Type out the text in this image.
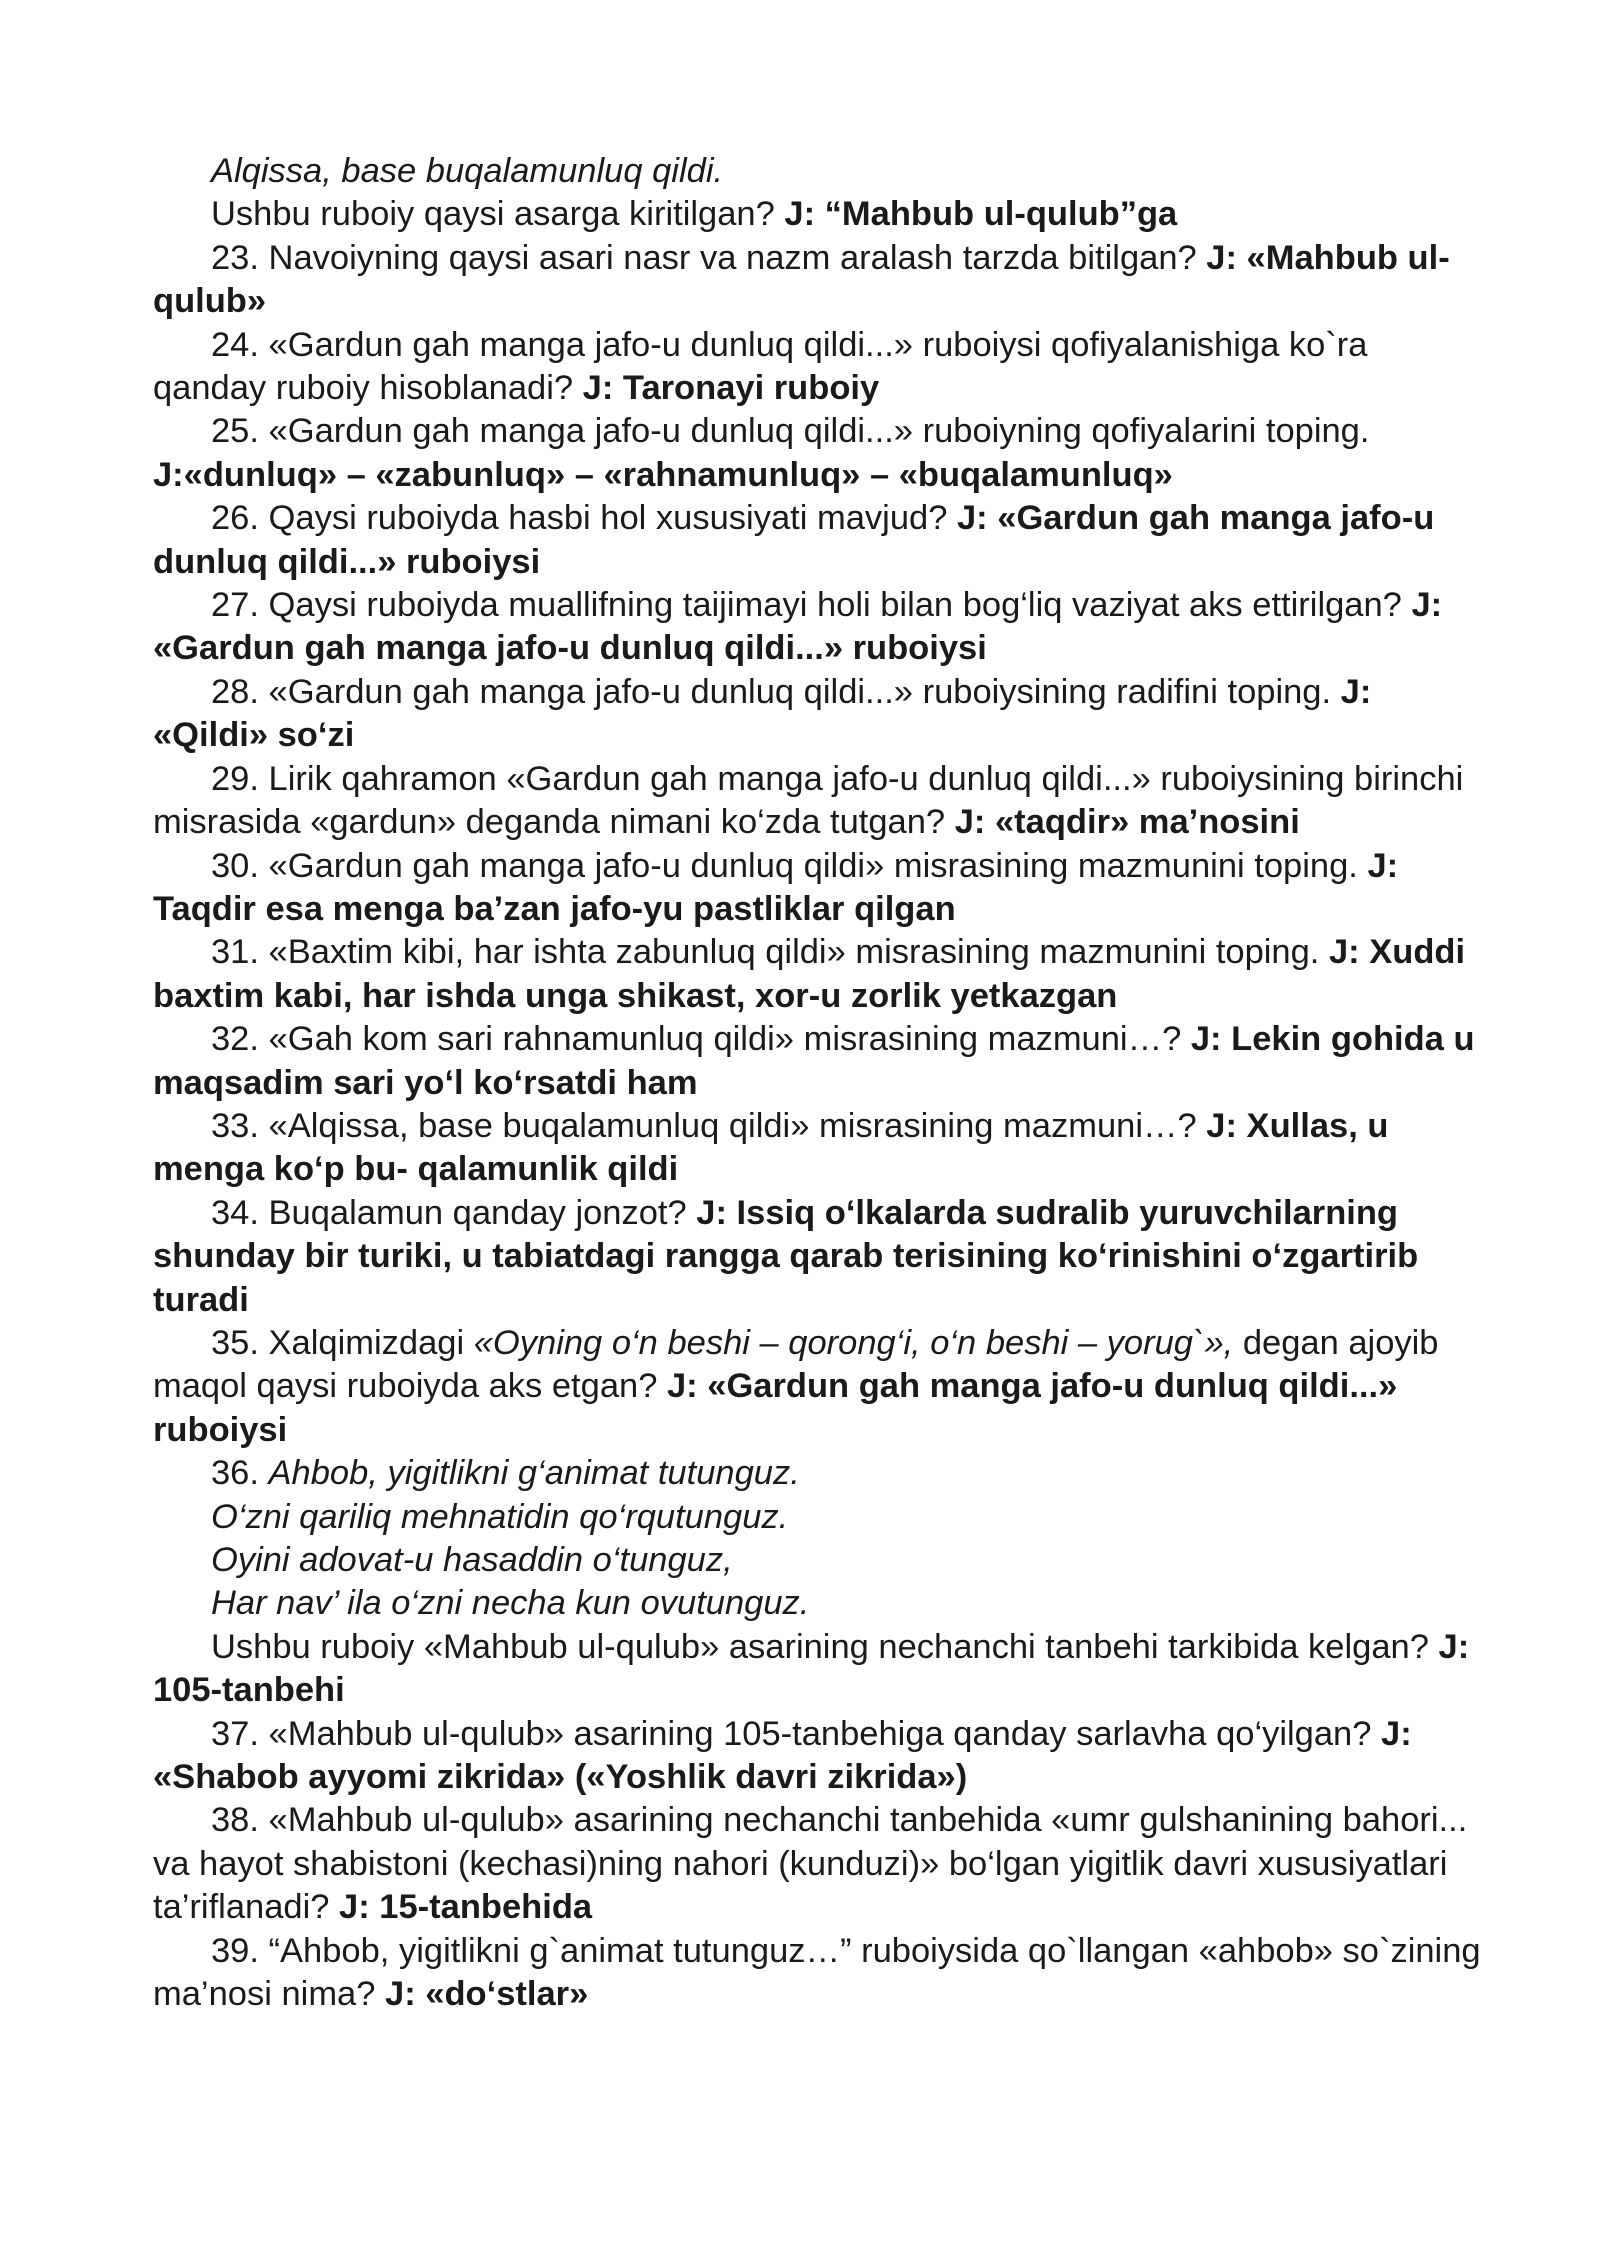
Alqissa, base buqalamunluq qildi.

Ushbu ruboiy qaysi asarga kiritilgan? J: “Mahbub ul-qulub”ga

23. Navoiyning qaysi asari nasr va nazm aralash tarzda bitilgan? J: «Mahbub ul-qulub»

24. «Gardun gah manga jafo-u dunluq qildi...» ruboiysi qofiyalanishiga ko`ra qanday ruboiy hisoblanadi? J: Taronayi ruboiy

25. «Gardun gah manga jafo-u dunluq qildi...» ruboiyning qofiyalarini toping. J:«dunluq» – «zabunluq» – «rahnamunluq» – «buqalamunluq»

26. Qaysi ruboiyda hasbi hol xususiyati mavjud? J: «Gardun gah manga jafo-u dunluq qildi...» ruboiysi

27. Qaysi ruboiyda muallifning taijimayi holi bilan bog‘liq vaziyat aks ettirilgan? J: «Gardun gah manga jafo-u dunluq qildi...» ruboiysi

28. «Gardun gah manga jafo-u dunluq qildi...» ruboiysining radifini toping. J: «Qildi» so‘zi

29. Lirik qahramon «Gardun gah manga jafo-u dunluq qildi...» ruboiysining birinchi misrasida «gardun» deganda nimani ko‘zda tutgan? J: «taqdir» ma’nosini

30. «Gardun gah manga jafo-u dunluq qildi» misrasining mazmunini toping. J: Taqdir esa menga ba’zan jafo-yu pastliklar qilgan

31. «Baxtim kibi, har ishta zabunluq qildi» misrasining mazmunini toping. J: Xuddi baxtim kabi, har ishda unga shikast, xor-u zorlik yetkazgan

32. «Gah kom sari rahnamunluq qildi» misrasining mazmuni…? J: Lekin gohida u maqsadim sari yo‘l ko‘rsatdi ham

33. «Alqissa, base buqalamunluq qildi» misrasining mazmuni…? J: Xullas, u menga ko‘p bu- qalamunlik qildi

34. Buqalamun qanday jonzot? J: Issiq o‘lkalarda sudralib yuruvchilarning shunday bir turiki, u tabiatdagi rangga qarab terisining ko‘rinishini o‘zgartirib turadi

35. Xalqimizdagi «Oyning o‘n beshi – qorong‘i, o‘n beshi – yorug`», degan ajoyib maqol qaysi ruboiyda aks etgan? J: «Gardun gah manga jafo-u dunluq qildi...» ruboiysi

36. Ahbob, yigitlikni g‘animat tutunguz.

O‘zni qariliq mehnatidin qo‘rqutunguz.

Oyini adovat-u hasaddin o‘tunguz,

Har nav’ ila o‘zni necha kun ovutunguz.

Ushbu ruboiy «Mahbub ul-qulub» asarining nechanchi tanbehi tarkibida kelgan? J: 105-tanbehi

37. «Mahbub ul-qulub» asarining 105-tanbehiga qanday sarlavha qo‘yilgan? J: «Shabob ayyomi zikrida» («Yoshlik davri zikrida»)

38. «Mahbub ul-qulub» asarining nechanchi tanbehida «umr gulshanining bahori... va hayot shabistoni (kechasi)ning nahori (kunduzi)» bo‘lgan yigitlik davri xususiyatlari ta’riflanadi? J: 15-tanbehida

39. “Ahbob, yigitlikni g`animat tutunguz…” ruboiysida qo`llangan «ahbob» so`zining ma’nosi nima? J: «do‘stlar»
